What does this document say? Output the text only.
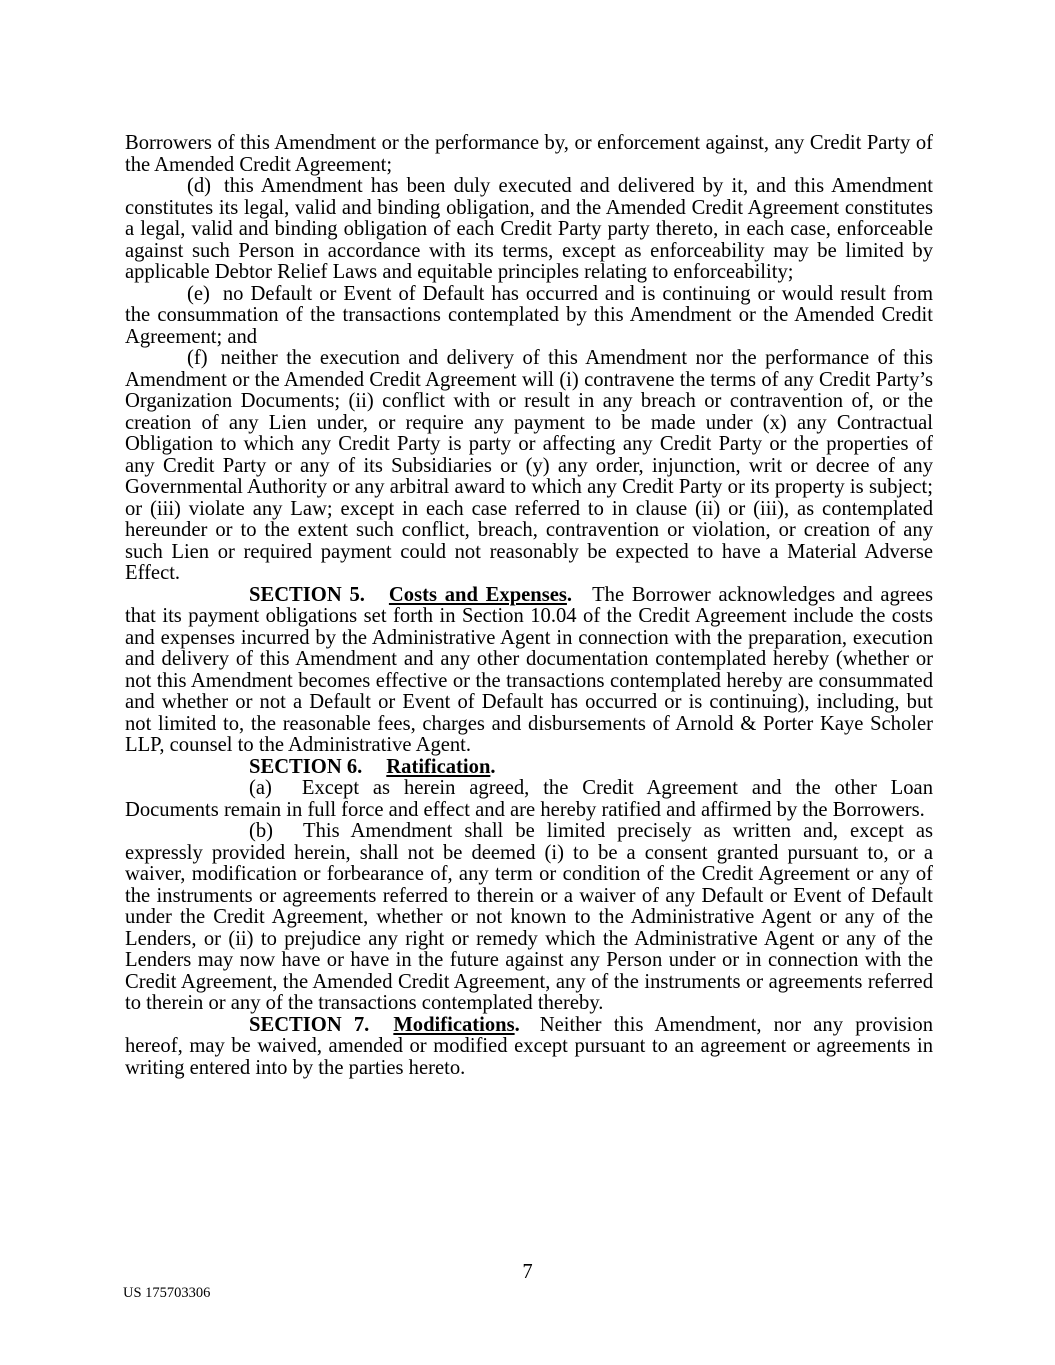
Borrowers of this Amendment or the performance by, or enforcement against, any Credit Party of the Amended Credit Agreement;

(d) this Amendment has been duly executed and delivered by it, and this Amendment constitutes its legal, valid and binding obligation, and the Amended Credit Agreement constitutes a legal, valid and binding obligation of each Credit Party party thereto, in each case, enforceable against such Person in accordance with its terms, except as enforceability may be limited by applicable Debtor Relief Laws and equitable principles relating to enforceability;

(e) no Default or Event of Default has occurred and is continuing or would result from the consummation of the transactions contemplated by this Amendment or the Amended Credit Agreement; and

(f) neither the execution and delivery of this Amendment nor the performance of this Amendment or the Amended Credit Agreement will (i) contravene the terms of any Credit Party’s Organization Documents; (ii) conflict with or result in any breach or contravention of, or the creation of any Lien under, or require any payment to be made under (x) any Contractual Obligation to which any Credit Party is party or affecting any Credit Party or the properties of any Credit Party or any of its Subsidiaries or (y) any order, injunction, writ or decree of any Governmental Authority or any arbitral award to which any Credit Party or its property is subject; or (iii) violate any Law; except in each case referred to in clause (ii) or (iii), as contemplated hereunder or to the extent such conflict, breach, contravention or violation, or creation of any such Lien or required payment could not reasonably be expected to have a Material Adverse Effect.

SECTION 5. Costs and Expenses. The Borrower acknowledges and agrees that its payment obligations set forth in Section 10.04 of the Credit Agreement include the costs and expenses incurred by the Administrative Agent in connection with the preparation, execution and delivery of this Amendment and any other documentation contemplated hereby (whether or not this Amendment becomes effective or the transactions contemplated hereby are consummated and whether or not a Default or Event of Default has occurred or is continuing), including, but not limited to, the reasonable fees, charges and disbursements of Arnold & Porter Kaye Scholer LLP, counsel to the Administrative Agent.

SECTION 6. Ratification.

(a) Except as herein agreed, the Credit Agreement and the other Loan Documents remain in full force and effect and are hereby ratified and affirmed by the Borrowers.

(b) This Amendment shall be limited precisely as written and, except as expressly provided herein, shall not be deemed (i) to be a consent granted pursuant to, or a waiver, modification or forbearance of, any term or condition of the Credit Agreement or any of the instruments or agreements referred to therein or a waiver of any Default or Event of Default under the Credit Agreement, whether or not known to the Administrative Agent or any of the Lenders, or (ii) to prejudice any right or remedy which the Administrative Agent or any of the Lenders may now have or have in the future against any Person under or in connection with the Credit Agreement, the Amended Credit Agreement, any of the instruments or agreements referred to therein or any of the transactions contemplated thereby.

SECTION 7. Modifications. Neither this Amendment, nor any provision hereof, may be waived, amended or modified except pursuant to an agreement or agreements in writing entered into by the parties hereto.

7
US 175703306
